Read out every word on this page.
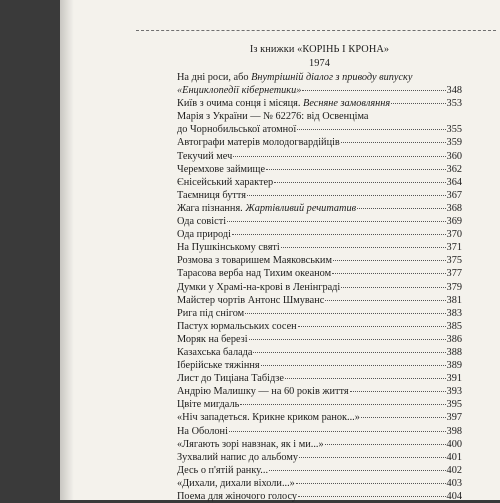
Із книжки «КОРІНЬ І КРОНА»
1974
На дні роси, або Внутрішній діалог з приводу випуску
«Енциклопедії кібернетики»	348
Київ з очима сонця і місяця. Весняне замовляння	353
Марія з України — № 62276: від Освенціма
до Чорнобильської атомної	355
Автографи матерів молодогвардійців	359
Текучий меч	360
Черемхове займище	362
Єнісейський характер	364
Таємниця буття	367
Жага пізнання. Жартівливий речитатив	368
Ода совісті	369
Ода природі	370
На Пушкінському святі	371
Розмова з товаришем Маяковським	375
Тарасова верба над Тихим океаном	377
Думки у Храмі-на-крові в Ленінграді	379
Майстер чортів Антонс Шмуванс	381
Рига під снігом	383
Пастух юрмальських сосен	385
Моряк на березі	386
Казахська балада	388
Іберійське тяжіння	389
Лист до Тиціана Табідзе	391
Андрію Малишку — на 60 років життя	393
Цвіте мигдаль	395
«Ніч западеться. Крикне криком ранок...»	397
На Оболоні	398
«Лягають зорі навзнак, як і ми...»	400
Зухвалий напис до альбому	401
Десь о п'ятій ранку...	402
«Дихали, дихали віхоли...»	403
Поема для жіночого голосу	404
